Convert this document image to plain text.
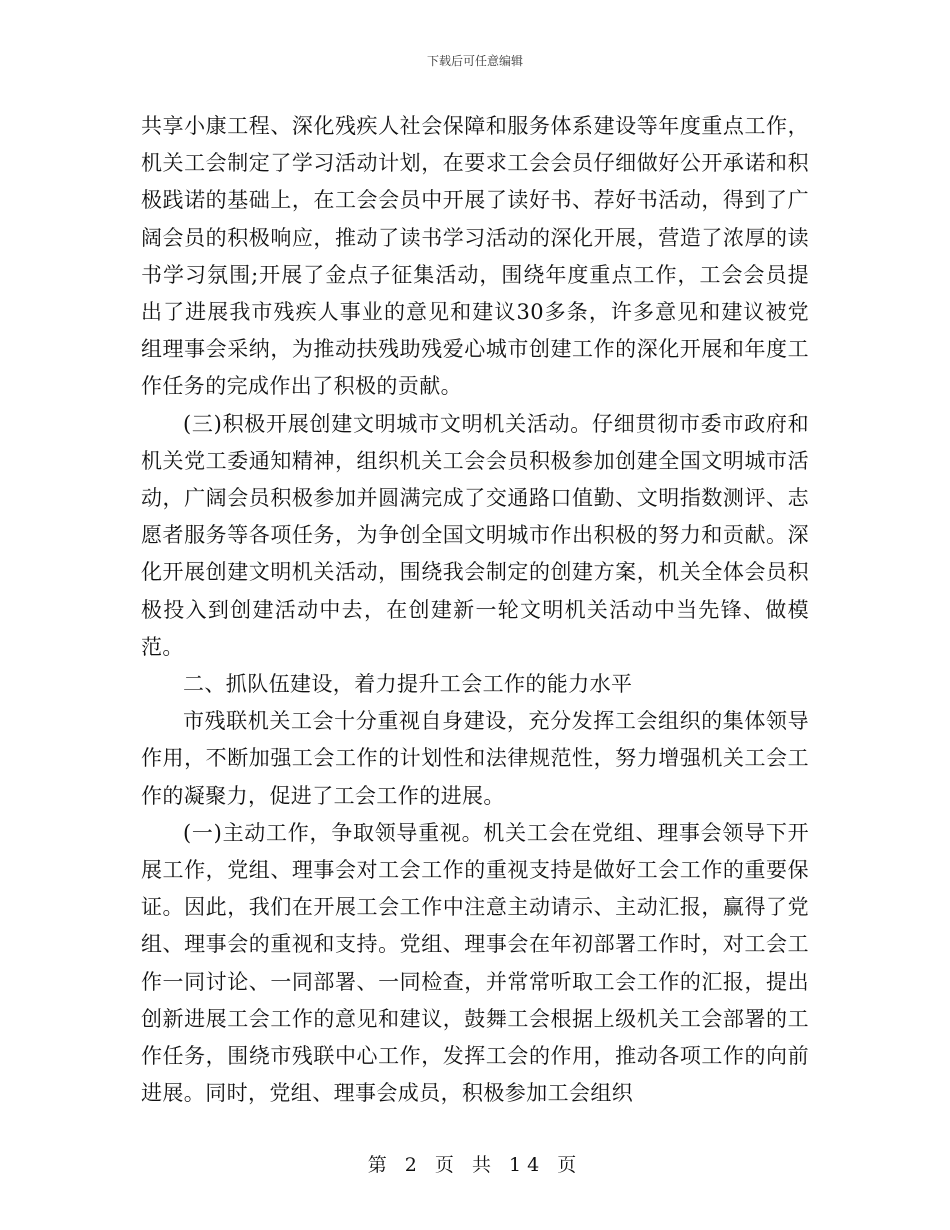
下载后可任意编辑

共享小康工程、深化残疾人社会保障和服务体系建设等年度重点工作，机关工会制定了学习活动计划，在要求工会会员仔细做好公开承诺和积极践诺的基础上，在工会会员中开展了读好书、荐好书活动，得到了广阔会员的积极响应，推动了读书学习活动的深化开展，营造了浓厚的读书学习氛围;开展了金点子征集活动，围绕年度重点工作，工会会员提出了进展我市残疾人事业的意见和建议30多条，许多意见和建议被党组理事会采纳，为推动扶残助残爱心城市创建工作的深化开展和年度工作任务的完成作出了积极的贡献。

(三)积极开展创建文明城市文明机关活动。仔细贯彻市委市政府和机关党工委通知精神，组织机关工会会员积极参加创建全国文明城市活动，广阔会员积极参加并圆满完成了交通路口值勤、文明指数测评、志愿者服务等各项任务，为争创全国文明城市作出积极的努力和贡献。深化开展创建文明机关活动，围绕我会制定的创建方案，机关全体会员积极投入到创建活动中去，在创建新一轮文明机关活动中当先锋、做模范。

二、抓队伍建设，着力提升工会工作的能力水平

市残联机关工会十分重视自身建设，充分发挥工会组织的集体领导作用，不断加强工会工作的计划性和法律规范性，努力增强机关工会工作的凝聚力，促进了工会工作的进展。

(一)主动工作，争取领导重视。机关工会在党组、理事会领导下开展工作，党组、理事会对工会工作的重视支持是做好工会工作的重要保证。因此，我们在开展工会工作中注意主动请示、主动汇报，赢得了党组、理事会的重视和支持。党组、理事会在年初部署工作时，对工会工作一同讨论、一同部署、一同检查，并常常听取工会工作的汇报，提出创新进展工会工作的意见和建议，鼓舞工会根据上级机关工会部署的工作任务，围绕市残联中心工作，发挥工会的作用，推动各项工作的向前进展。同时，党组、理事会成员，积极参加工会组织

第 2 页 共 14 页
